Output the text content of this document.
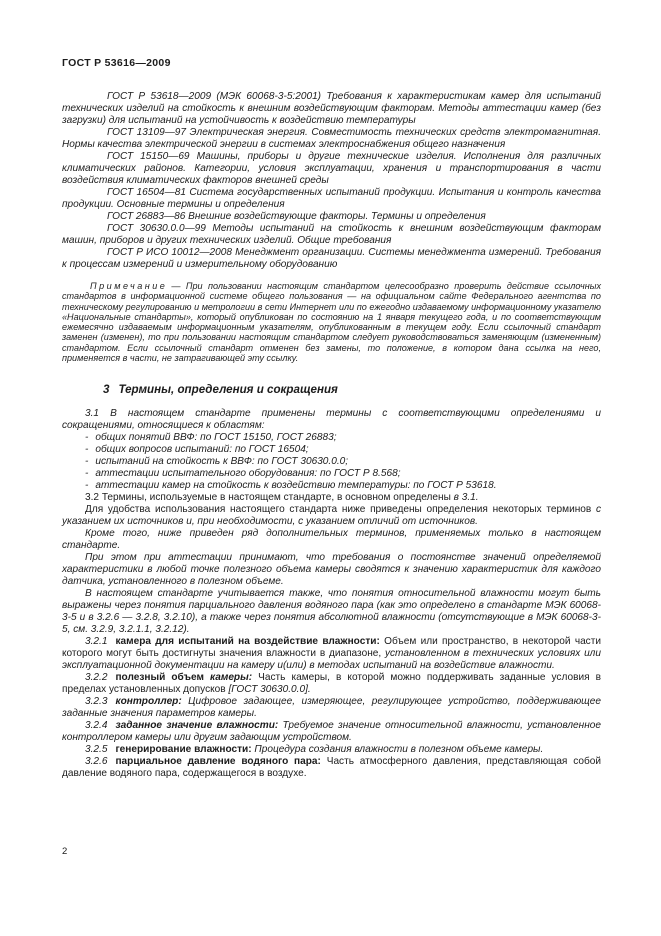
ГОСТ Р 53616—2009

ГОСТ Р 53618—2009 (МЭК 60068-3-5:2001) Требования к характеристикам камер для испытаний технических изделий на стойкость к внешним воздействующим факторам. Методы аттестации камер (без загрузки) для испытаний на устойчивость к воздействию температуры

ГОСТ 13109—97 Электрическая энергия. Совместимость технических средств электромагнитная. Нормы качества электрической энергии в системах электроснабжения общего назначения

ГОСТ 15150—69 Машины, приборы и другие технические изделия. Исполнения для различных климатических районов. Категории, условия эксплуатации, хранения и транспортирования в части воздействия климатических факторов внешней среды

ГОСТ 16504—81 Система государственных испытаний продукции. Испытания и контроль качества продукции. Основные термины и определения

ГОСТ 26883—86 Внешние воздействующие факторы. Термины и определения

ГОСТ 30630.0.0—99 Методы испытаний на стойкость к внешним воздействующим факторам машин, приборов и других технических изделий. Общие требования

ГОСТ Р ИСО 10012—2008 Менеджмент организации. Системы менеджмента измерений. Требования к процессам измерений и измерительному оборудованию

Примечание — При пользовании настоящим стандартом целесообразно проверить действие ссылочных стандартов в информационной системе общего пользования — на официальном сайте Федерального агентства по техническому регулированию и метрологии в сети Интернет или по ежегодно издаваемому информационному указателю «Национальные стандарты», который опубликован по состоянию на 1 января текущего года, и по соответствующим ежемесячно издаваемым информационным указателям, опубликованным в текущем году. Если ссылочный стандарт заменен (изменен), то при пользовании настоящим стандартом следует руководствоваться заменяющим (измененным) стандартом. Если ссылочный стандарт отменен без замены, то положение, в котором дана ссылка на него, применяется в части, не затрагивающей эту ссылку.

3 Термины, определения и сокращения

3.1 В настоящем стандарте применены термины с соответствующими определениями и сокращениями, относящиеся к областям:

- общих понятий ВВФ: по ГОСТ 15150, ГОСТ 26883;

- общих вопросов испытаний: по ГОСТ 16504;

- испытаний на стойкость к ВВФ: по ГОСТ 30630.0.0;

- аттестации испытательного оборудования: по ГОСТ Р 8.568;

- аттестации камер на стойкость к воздействию температуры: по ГОСТ Р 53618.

3.2 Термины, используемые в настоящем стандарте, в основном определены в 3.1.

Для удобства использования настоящего стандарта ниже приведены определения некоторых терминов с указанием их источников и, при необходимости, с указанием отличий от источников.

Кроме того, ниже приведен ряд дополнительных терминов, применяемых только в настоящем стандарте.

При этом при аттестации принимают, что требования о постоянстве значений определяемой характеристики в любой точке полезного объема камеры сводятся к значению характеристик для каждого датчика, установленного в полезном объеме.

В настоящем стандарте учитывается также, что понятия относительной влажности могут быть выражены через понятия парциального давления водяного пара (как это определено в стандарте МЭК 60068-3-5 и в 3.2.6 — 3.2.8, 3.2.10), а также через понятия абсолютной влажности (отсутствующие в МЭК 60068-3-5, см. 3.2.9, 3.2.1.1, 3.2.12).

3.2.1 камера для испытаний на воздействие влажности: Объем или пространство, в некоторой части которого могут быть достигнуты значения влажности в диапазоне, установленном в технических условиях или эксплуатационной документации на камеру и(или) в методах испытаний на воздействие влажности.

3.2.2 полезный объем камеры: Часть камеры, в которой можно поддерживать заданные условия в пределах установленных допусков [ГОСТ 30630.0.0].

3.2.3 контроллер: Цифровое задающее, измеряющее, регулирующее устройство, поддерживающее заданные значения параметров камеры.

3.2.4 заданное значение влажности: Требуемое значение относительной влажности, установленное контроллером камеры или другим задающим устройством.

3.2.5 генерирование влажности: Процедура создания влажности в полезном объеме камеры.

3.2.6 парциальное давление водяного пара: Часть атмосферного давления, представляющая собой давление водяного пара, содержащегося в воздухе.

2
